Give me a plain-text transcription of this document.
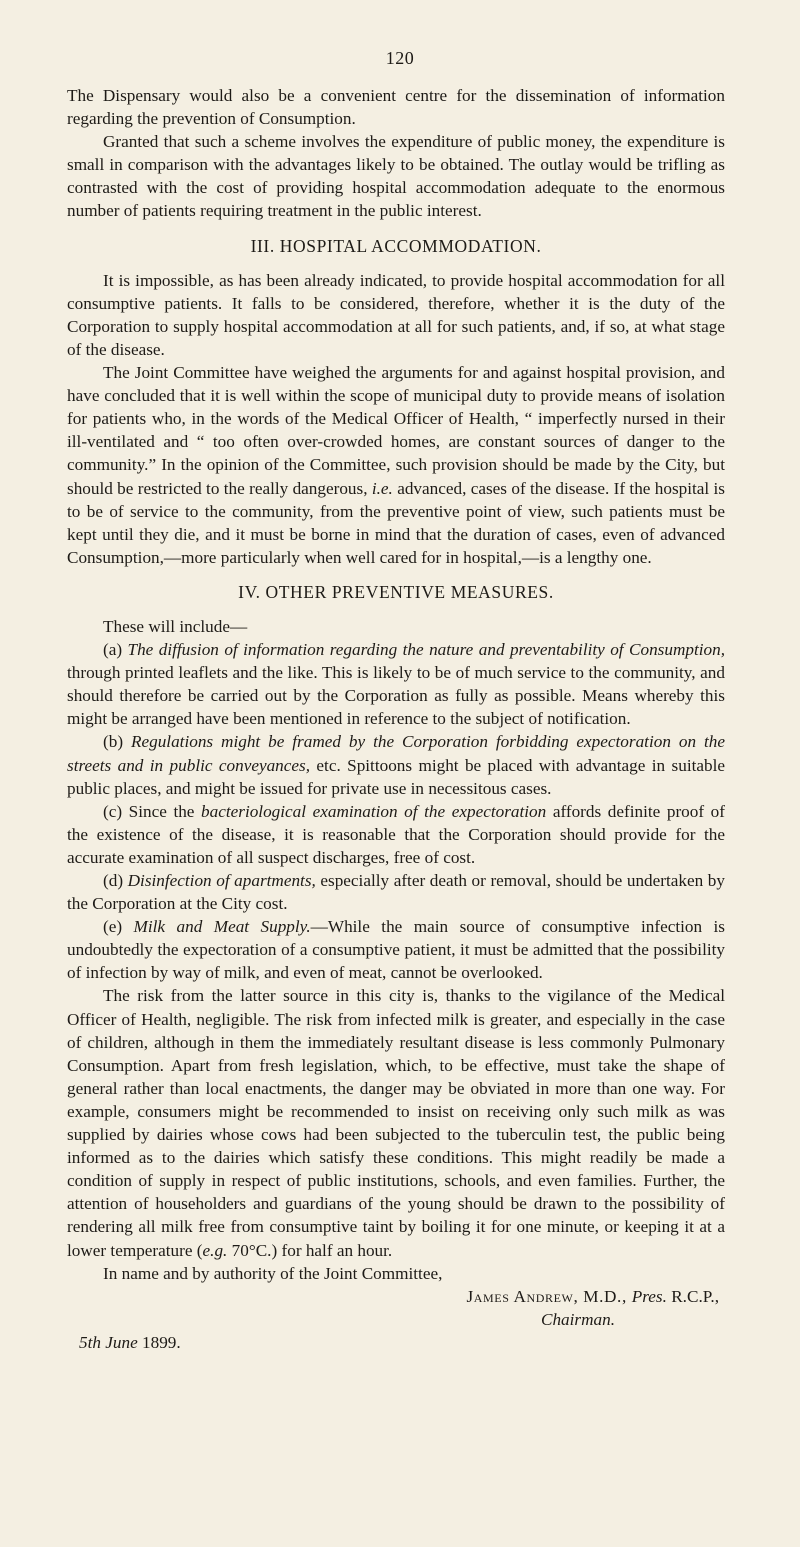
120

The Dispensary would also be a convenient centre for the dissemination of information regarding the prevention of Consumption.

Granted that such a scheme involves the expenditure of public money, the expenditure is small in comparison with the advantages likely to be obtained. The outlay would be trifling as contrasted with the cost of providing hospital accommodation adequate to the enormous number of patients requiring treatment in the public interest.

III. HOSPITAL ACCOMMODATION.

It is impossible, as has been already indicated, to provide hospital accommodation for all consumptive patients. It falls to be considered, therefore, whether it is the duty of the Corporation to supply hospital accommodation at all for such patients, and, if so, at what stage of the disease.

The Joint Committee have weighed the arguments for and against hospital provision, and have concluded that it is well within the scope of municipal duty to provide means of isolation for patients who, in the words of the Medical Officer of Health, “ imperfectly nursed in their ill-ventilated and “ too often over-crowded homes, are constant sources of danger to the community.” In the opinion of the Committee, such provision should be made by the City, but should be restricted to the really dangerous, i.e. advanced, cases of the disease. If the hospital is to be of service to the community, from the preventive point of view, such patients must be kept until they die, and it must be borne in mind that the duration of cases, even of advanced Consumption,—more particularly when well cared for in hospital,—is a lengthy one.

IV. OTHER PREVENTIVE MEASURES.

These will include—

(a) The diffusion of information regarding the nature and preventability of Consumption, through printed leaflets and the like. This is likely to be of much service to the community, and should therefore be carried out by the Corporation as fully as possible. Means whereby this might be arranged have been mentioned in reference to the subject of notification.

(b) Regulations might be framed by the Corporation forbidding expectoration on the streets and in public conveyances, etc. Spittoons might be placed with advantage in suitable public places, and might be issued for private use in necessitous cases.

(c) Since the bacteriological examination of the expectoration affords definite proof of the existence of the disease, it is reasonable that the Corporation should provide for the accurate examination of all suspect discharges, free of cost.

(d) Disinfection of apartments, especially after death or removal, should be undertaken by the Corporation at the City cost.

(e) Milk and Meat Supply.—While the main source of consumptive infection is undoubtedly the expectoration of a consumptive patient, it must be admitted that the possibility of infection by way of milk, and even of meat, cannot be overlooked.

The risk from the latter source in this city is, thanks to the vigilance of the Medical Officer of Health, negligible. The risk from infected milk is greater, and especially in the case of children, although in them the immediately resultant disease is less commonly Pulmonary Consumption. Apart from fresh legislation, which, to be effective, must take the shape of general rather than local enactments, the danger may be obviated in more than one way. For example, consumers might be recommended to insist on receiving only such milk as was supplied by dairies whose cows had been subjected to the tuberculin test, the public being informed as to the dairies which satisfy these conditions. This might readily be made a condition of supply in respect of public institutions, schools, and even families. Further, the attention of householders and guardians of the young should be drawn to the possibility of rendering all milk free from consumptive taint by boiling it for one minute, or keeping it at a lower temperature (e.g. 70°C.) for half an hour.

In name and by authority of the Joint Committee,

James Andrew, M.D., Pres. R.C.P.,

Chairman.

5th June 1899.
